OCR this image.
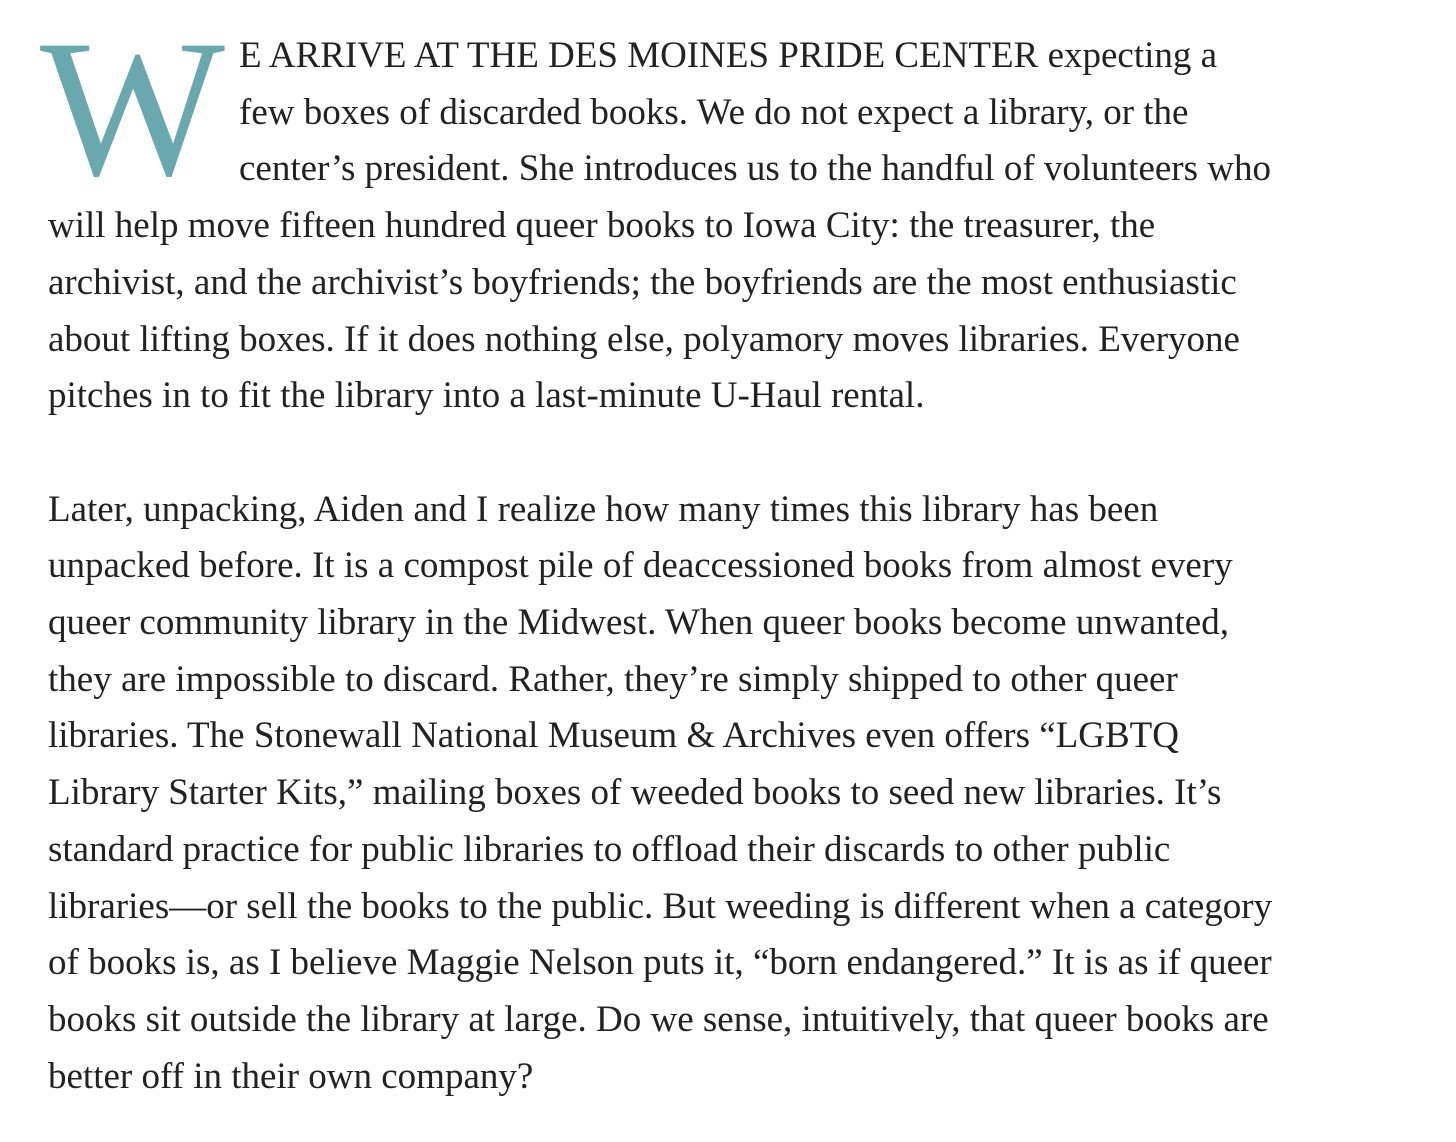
W E ARRIVE AT THE DES MOINES PRIDE CENTER expecting a
few boxes of discarded books. We do not expect a library, or the
center’s president. She introduces us to the handful of volunteers who
will help move fifteen hundred queer books to Iowa City: the treasurer, the
archivist, and the archivist’s boyfriends; the boyfriends are the most enthusiastic
about lifting boxes. If it does nothing else, polyamory moves libraries. Everyone
pitches in to fit the library into a last-minute U-Haul rental.

Later, unpacking, Aiden and I realize how many times this library has been
unpacked before. It is a compost pile of deaccessioned books from almost every
queer community library in the Midwest. When queer books become unwanted,
they are impossible to discard. Rather, they’re simply shipped to other queer
libraries. The Stonewall National Museum & Archives even offers “LGBTQ
Library Starter Kits,” mailing boxes of weeded books to seed new libraries. It’s
standard practice for public libraries to offload their discards to other public
libraries—or sell the books to the public. But weeding is different when a category
of books is, as I believe Maggie Nelson puts it, “born endangered.” It is as if queer
books sit outside the library at large. Do we sense, intuitively, that queer books are
better off in their own company?
